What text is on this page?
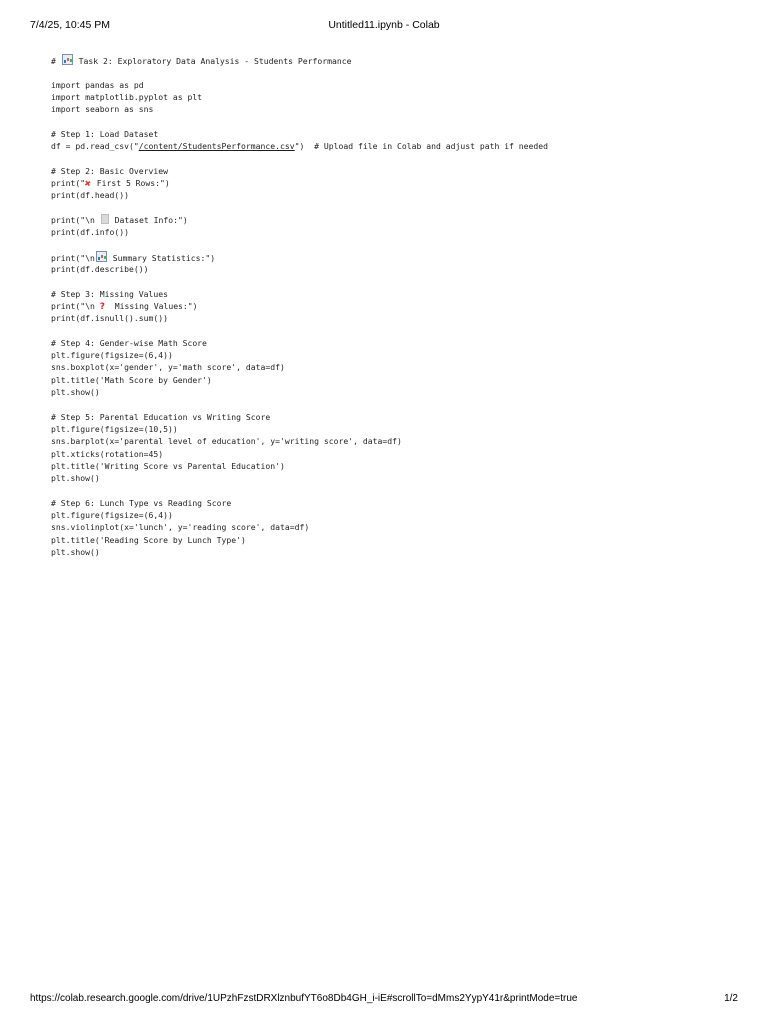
7/4/25, 10:45 PM	Untitled11.ipynb - Colab
#  Task 2: Exploratory Data Analysis - Students Performance
import pandas as pd
import matplotlib.pyplot as plt
import seaborn as sns
# Step 1: Load Dataset
df = pd.read_csv("/content/StudentsPerformance.csv")  # Upload file in Colab and adjust path if needed
# Step 2: Basic Overview
print("✚ First 5 Rows:")
print(df.head())
print("\n  Dataset Info:")
print(df.info())
print("\n Summary Statistics:")
print(df.describe())
# Step 3: Missing Values
print("\n ?  Missing Values:")
print(df.isnull().sum())
# Step 4: Gender-wise Math Score
plt.figure(figsize=(6,4))
sns.boxplot(x='gender', y='math score', data=df)
plt.title('Math Score by Gender')
plt.show()
# Step 5: Parental Education vs Writing Score
plt.figure(figsize=(10,5))
sns.barplot(x='parental level of education', y='writing score', data=df)
plt.xticks(rotation=45)
plt.title('Writing Score vs Parental Education')
plt.show()
# Step 6: Lunch Type vs Reading Score
plt.figure(figsize=(6,4))
sns.violinplot(x='lunch', y='reading score', data=df)
plt.title('Reading Score by Lunch Type')
plt.show()
https://colab.research.google.com/drive/1UPzhFzstDRXlznbufYT6o8Db4GH_i-iE#scrollTo=dMms2YypY41r&printMode=true	1/2
